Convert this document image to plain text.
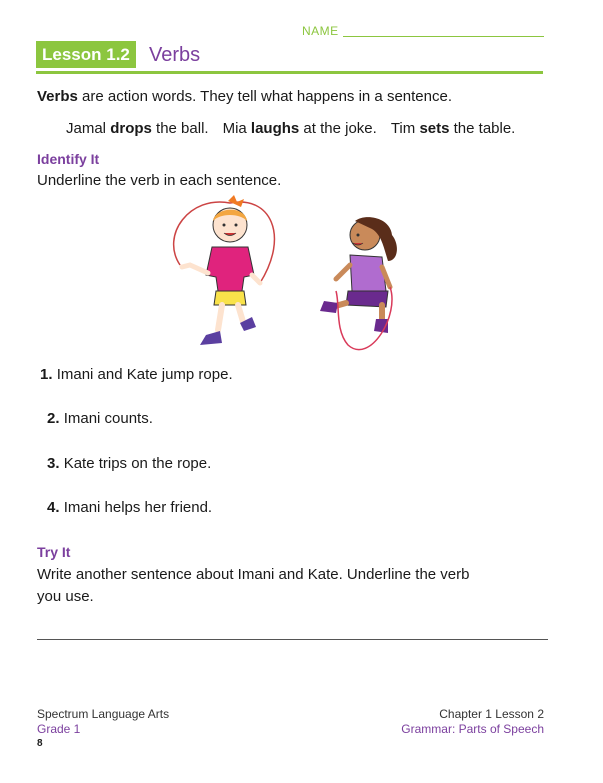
NAME
Lesson 1.2 Verbs
Verbs are action words. They tell what happens in a sentence.
Jamal drops the ball. Mia laughs at the joke. Tim sets the table.
Identify It
Underline the verb in each sentence.
1. Imani and Kate jump rope.
2. Imani counts.
3. Kate trips on the rope.
4. Imani helps her friend.
Try It
Write another sentence about Imani and Kate. Underline the verb
you use.
Spectrum Language Arts
Grade 1
8
Chapter 1 Lesson 2
Grammar: Parts of Speech
